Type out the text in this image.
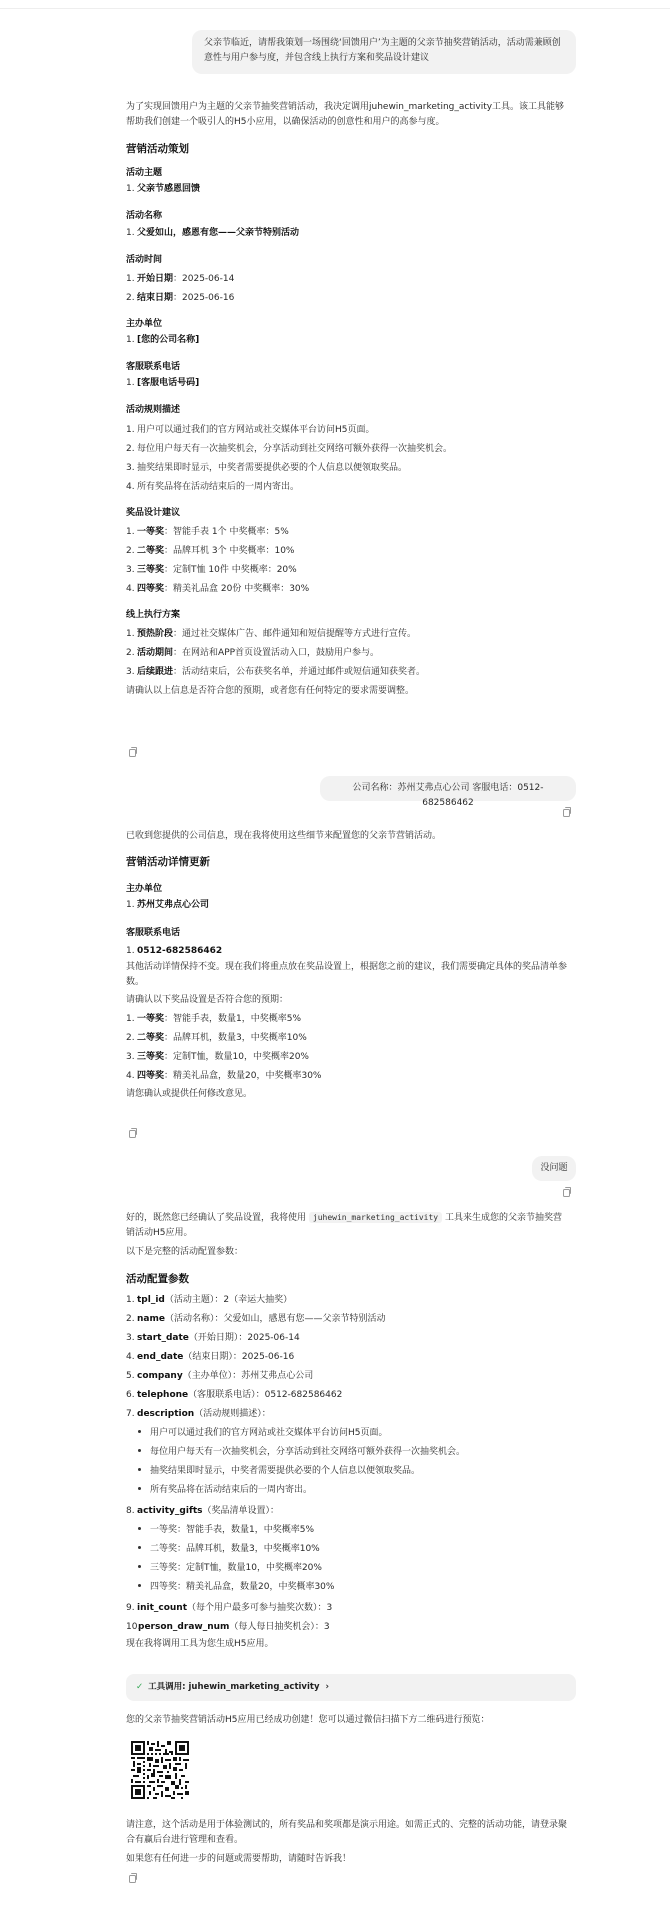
父亲节临近，请帮我策划一场围绕‘回馈用户’为主题的父亲节抽奖营销活动，活动需兼顾创意性与用户参与度，并包含线上执行方案和奖品设计建议

为了实现回馈用户为主题的父亲节抽奖营销活动，我决定调用juhewin_marketing_activity工具。该工具能够帮助我们创建一个吸引人的H5小应用，以确保活动的创意性和用户的高参与度。

营销活动策划
活动主题
1. 父亲节感恩回馈
活动名称
1. 父爱如山，感恩有您——父亲节特别活动
活动时间
1. 开始日期：2025-06-14
2. 结束日期：2025-06-16
主办单位
1. [您的公司名称]
客服联系电话
1. [客服电话号码]
活动规则描述
1. 用户可以通过我们的官方网站或社交媒体平台访问H5页面。
2. 每位用户每天有一次抽奖机会，分享活动到社交网络可额外获得一次抽奖机会。
3. 抽奖结果即时显示，中奖者需要提供必要的个人信息以便领取奖品。
4. 所有奖品将在活动结束后的一周内寄出。
奖品设计建议
1. 一等奖：智能手表 1个 中奖概率：5%
2. 二等奖：品牌耳机 3个 中奖概率：10%
3. 三等奖：定制T恤 10件 中奖概率：20%
4. 四等奖：精美礼品盒 20份 中奖概率：30%
线上执行方案
1. 预热阶段：通过社交媒体广告、邮件通知和短信提醒等方式进行宣传。
2. 活动期间：在网站和APP首页设置活动入口，鼓励用户参与。
3. 后续跟进：活动结束后，公布获奖名单，并通过邮件或短信通知获奖者。

请确认以上信息是否符合您的预期，或者您有任何特定的要求需要调整。

公司名称：苏州艾弗点心公司 客服电话：0512-682586462

已收到您提供的公司信息，现在我将使用这些细节来配置您的父亲节营销活动。

营销活动详情更新
主办单位
1. 苏州艾弗点心公司
客服联系电话
1. 0512-682586462

其他活动详情保持不变。现在我们将重点放在奖品设置上，根据您之前的建议，我们需要确定具体的奖品清单参数。

请确认以下奖品设置是否符合您的预期：

1. 一等奖：智能手表，数量1，中奖概率5%
2. 二等奖：品牌耳机，数量3，中奖概率10%
3. 三等奖：定制T恤，数量10，中奖概率20%
4. 四等奖：精美礼品盒，数量20，中奖概率30%

请您确认或提供任何修改意见。

没问题

好的，既然您已经确认了奖品设置，我将使用 juhewin_marketing_activity 工具来生成您的父亲节抽奖营销活动H5应用。

以下是完整的活动配置参数：

活动配置参数
1. tpl_id（活动主题）：2（幸运大抽奖）
2. name（活动名称）：父爱如山，感恩有您——父亲节特别活动
3. start_date（开始日期）：2025-06-14
4. end_date（结束日期）：2025-06-16
5. company（主办单位）：苏州艾弗点心公司
6. telephone（客服联系电话）：0512-682586462
7. description（活动规则描述）：
用户可以通过我们的官方网站或社交媒体平台访问H5页面。
每位用户每天有一次抽奖机会，分享活动到社交网络可额外获得一次抽奖机会。
抽奖结果即时显示，中奖者需要提供必要的个人信息以便领取奖品。
所有奖品将在活动结束后的一周内寄出。
8. activity_gifts（奖品清单设置）：
一等奖：智能手表，数量1，中奖概率5%
二等奖：品牌耳机，数量3，中奖概率10%
三等奖：定制T恤，数量10，中奖概率20%
四等奖：精美礼品盒，数量20，中奖概率30%
9. init_count（每个用户最多可参与抽奖次数）：3
10.
person_draw_num（每人每日抽奖机会）：3

现在我将调用工具为您生成H5应用。

✓ 工具调用: juhewin_marketing_activity ›

您的父亲节抽奖营销活动H5应用已经成功创建！您可以通过微信扫描下方二维码进行预览：

请注意，这个活动是用于体验测试的，所有奖品和奖项都是演示用途。如需正式的、完整的活动功能，请登录聚合有赢后台进行管理和查看。

如果您有任何进一步的问题或需要帮助，请随时告诉我！
